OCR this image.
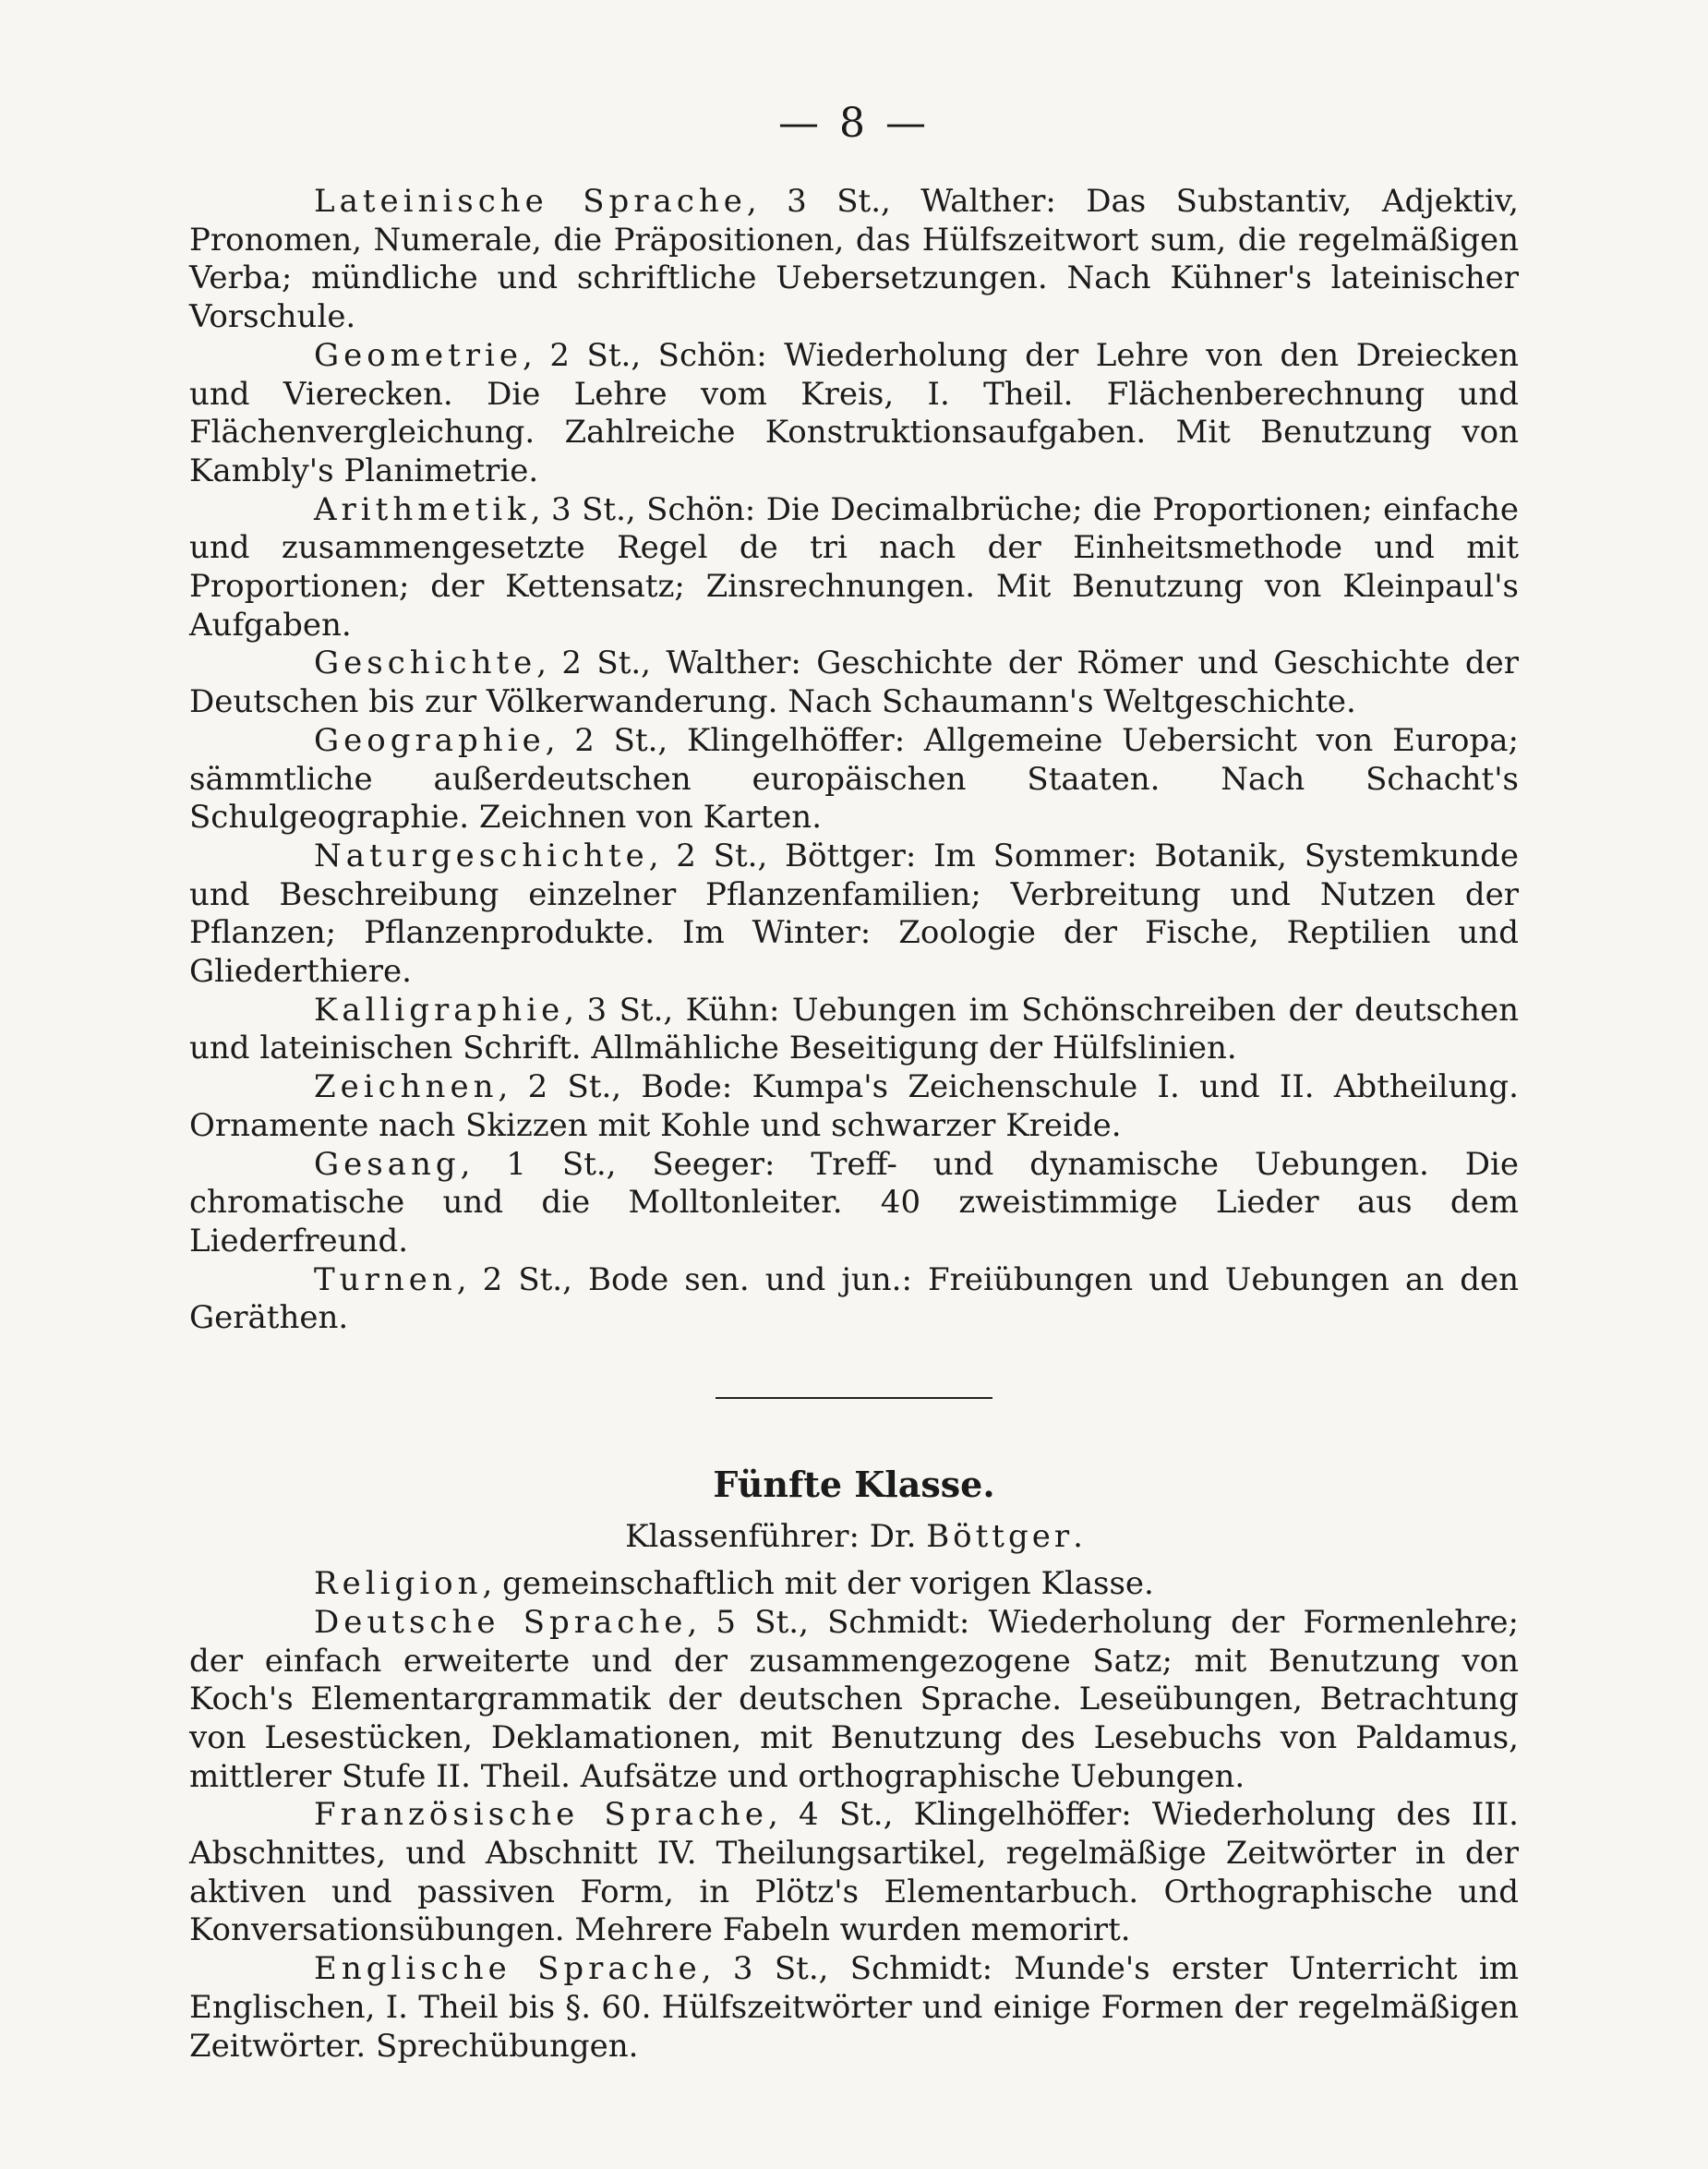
— 8 —

Lateinische Sprache, 3 St., Walther: Das Substantiv, Adjektiv, Pronomen, Numerale, die Präpositionen, das Hülfszeitwort sum, die regelmäßigen Verba; mündliche und schriftliche Uebersetzungen. Nach Kühner's lateinischer Vorschule.

Geometrie, 2 St., Schön: Wiederholung der Lehre von den Dreiecken und Vierecken. Die Lehre vom Kreis, I. Theil. Flächenberechnung und Flächenvergleichung. Zahlreiche Konstruktionsaufgaben. Mit Benutzung von Kambly's Planimetrie.

Arithmetik, 3 St., Schön: Die Decimalbrüche; die Proportionen; einfache und zusammengesetzte Regel de tri nach der Einheitsmethode und mit Proportionen; der Kettensatz; Zinsrechnungen. Mit Benutzung von Kleinpaul's Aufgaben.

Geschichte, 2 St., Walther: Geschichte der Römer und Geschichte der Deutschen bis zur Völkerwanderung. Nach Schaumann's Weltgeschichte.

Geographie, 2 St., Klingelhöffer: Allgemeine Uebersicht von Europa; sämmtliche außerdeutschen europäischen Staaten. Nach Schacht's Schulgeographie. Zeichnen von Karten.

Naturgeschichte, 2 St., Böttger: Im Sommer: Botanik, Systemkunde und Beschreibung einzelner Pflanzenfamilien; Verbreitung und Nutzen der Pflanzen; Pflanzenprodukte. Im Winter: Zoologie der Fische, Reptilien und Gliederthiere.

Kalligraphie, 3 St., Kühn: Uebungen im Schönschreiben der deutschen und lateinischen Schrift. Allmähliche Beseitigung der Hülfslinien.

Zeichnen, 2 St., Bode: Kumpa's Zeichenschule I. und II. Abtheilung. Ornamente nach Skizzen mit Kohle und schwarzer Kreide.

Gesang, 1 St., Seeger: Treff- und dynamische Uebungen. Die chromatische und die Molltonleiter. 40 zweistimmige Lieder aus dem Liederfreund.

Turnen, 2 St., Bode sen. und jun.: Freiübungen und Uebungen an den Geräthen.

Fünfte Klasse.
Klassenführer: Dr. Böttger.

Religion, gemeinschaftlich mit der vorigen Klasse.

Deutsche Sprache, 5 St., Schmidt: Wiederholung der Formenlehre; der einfach erweiterte und der zusammengezogene Satz; mit Benutzung von Koch's Elementargrammatik der deutschen Sprache. Leseübungen, Betrachtung von Lesestücken, Deklamationen, mit Benutzung des Lesebuchs von Paldamus, mittlerer Stufe II. Theil. Aufsätze und orthographische Uebungen.

Französische Sprache, 4 St., Klingelhöffer: Wiederholung des III. Abschnittes, und Abschnitt IV. Theilungsartikel, regelmäßige Zeitwörter in der aktiven und passiven Form, in Plötz's Elementarbuch. Orthographische und Konversationsübungen. Mehrere Fabeln wurden memorirt.

Englische Sprache, 3 St., Schmidt: Munde's erster Unterricht im Englischen, I. Theil bis §. 60. Hülfszeitwörter und einige Formen der regelmäßigen Zeitwörter. Sprechübungen.
